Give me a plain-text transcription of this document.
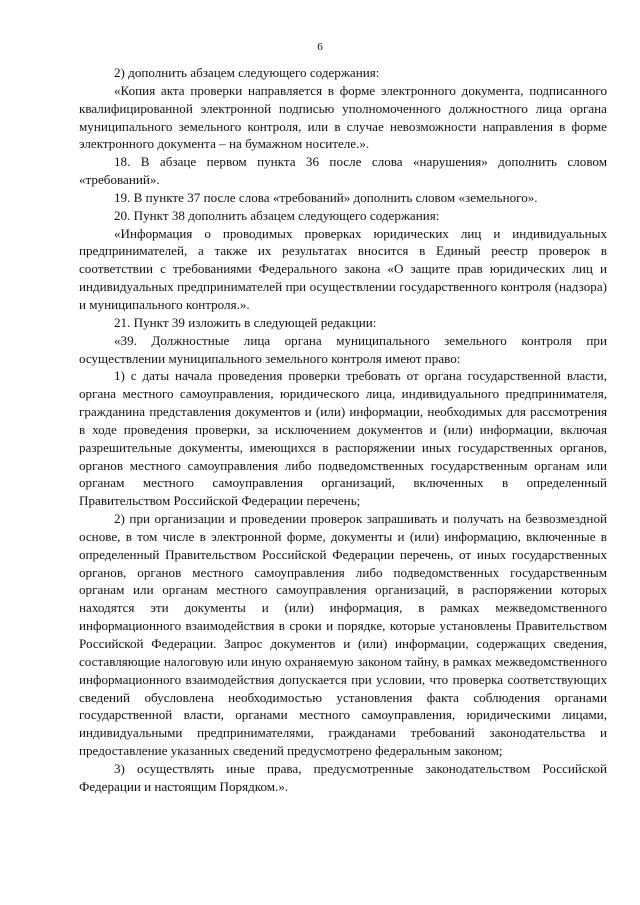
6

2) дополнить абзацем следующего содержания:

«Копия акта проверки направляется в форме электронного документа, подписанного квалифицированной электронной подписью уполномоченного должностного лица органа муниципального земельного контроля, или в случае невозможности направления в форме электронного документа – на бумажном носителе.».

18. В абзаце первом пункта 36 после слова «нарушения» дополнить словом «требований».

19. В пункте 37 после слова «требований» дополнить словом «земельного».

20. Пункт 38 дополнить абзацем следующего содержания:

«Информация о проводимых проверках юридических лиц и индивидуальных предпринимателей, а также их результатах вносится в Единый реестр проверок в соответствии с требованиями Федерального закона «О защите прав юридических лиц и индивидуальных предпринимателей при осуществлении государственного контроля (надзора) и муниципального контроля.».

21. Пункт 39 изложить в следующей редакции:

«39. Должностные лица органа муниципального земельного контроля при осуществлении муниципального земельного контроля имеют право:

1) с даты начала проведения проверки требовать от органа государственной власти, органа местного самоуправления, юридического лица, индивидуального предпринимателя, гражданина представления документов и (или) информации, необходимых для рассмотрения в ходе проведения проверки, за исключением документов и (или) информации, включая разрешительные документы, имеющихся в распоряжении иных государственных органов, органов местного самоуправления либо подведомственных государственным органам или органам местного самоуправления организаций, включенных в определенный Правительством Российской Федерации перечень;

2) при организации и проведении проверок запрашивать и получать на безвозмездной основе, в том числе в электронной форме, документы и (или) информацию, включенные в определенный Правительством Российской Федерации перечень, от иных государственных органов, органов местного самоуправления либо подведомственных государственным органам или органам местного самоуправления организаций, в распоряжении которых находятся эти документы и (или) информация, в рамках межведомственного информационного взаимодействия в сроки и порядке, которые установлены Правительством Российской Федерации. Запрос документов и (или) информации, содержащих сведения, составляющие налоговую или иную охраняемую законом тайну, в рамках межведомственного информационного взаимодействия допускается при условии, что проверка соответствующих сведений обусловлена необходимостью установления факта соблюдения органами государственной власти, органами местного самоуправления, юридическими лицами, индивидуальными предпринимателями, гражданами требований законодательства и предоставление указанных сведений предусмотрено федеральным законом;

3) осуществлять иные права, предусмотренные законодательством Российской Федерации и настоящим Порядком.».
